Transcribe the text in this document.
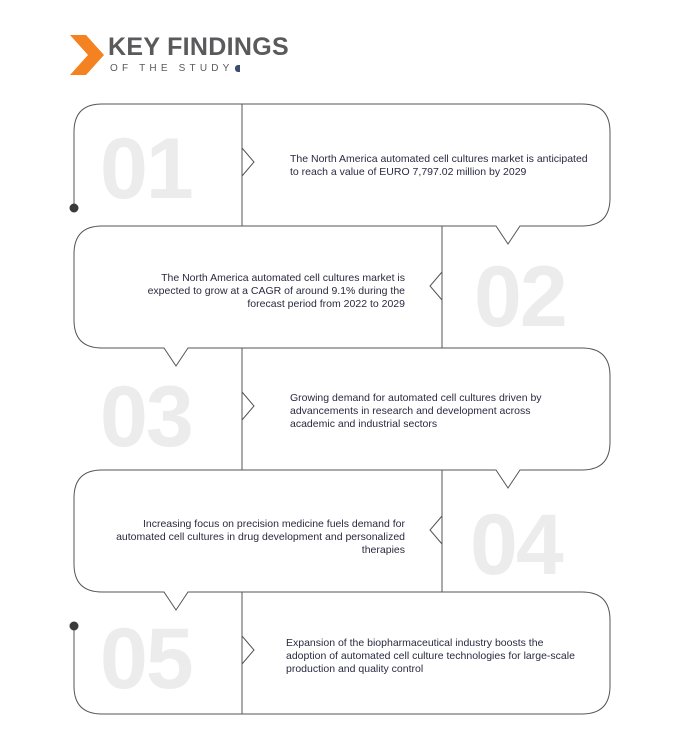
KEY FINDINGS
OF THE STUDY
01
02
03
04
05
The North America automated cell cultures market is anticipated to reach a value of EURO 7,797.02 million by 2029
The North America automated cell cultures market is expected to grow at a CAGR of around 9.1% during the forecast period from 2022 to 2029
Growing demand for automated cell cultures driven by advancements in research and development across academic and industrial sectors
Increasing focus on precision medicine fuels demand for automated cell cultures in drug development and personalized therapies
Expansion of the biopharmaceutical industry boosts the adoption of automated cell culture technologies for large-scale production and quality control
